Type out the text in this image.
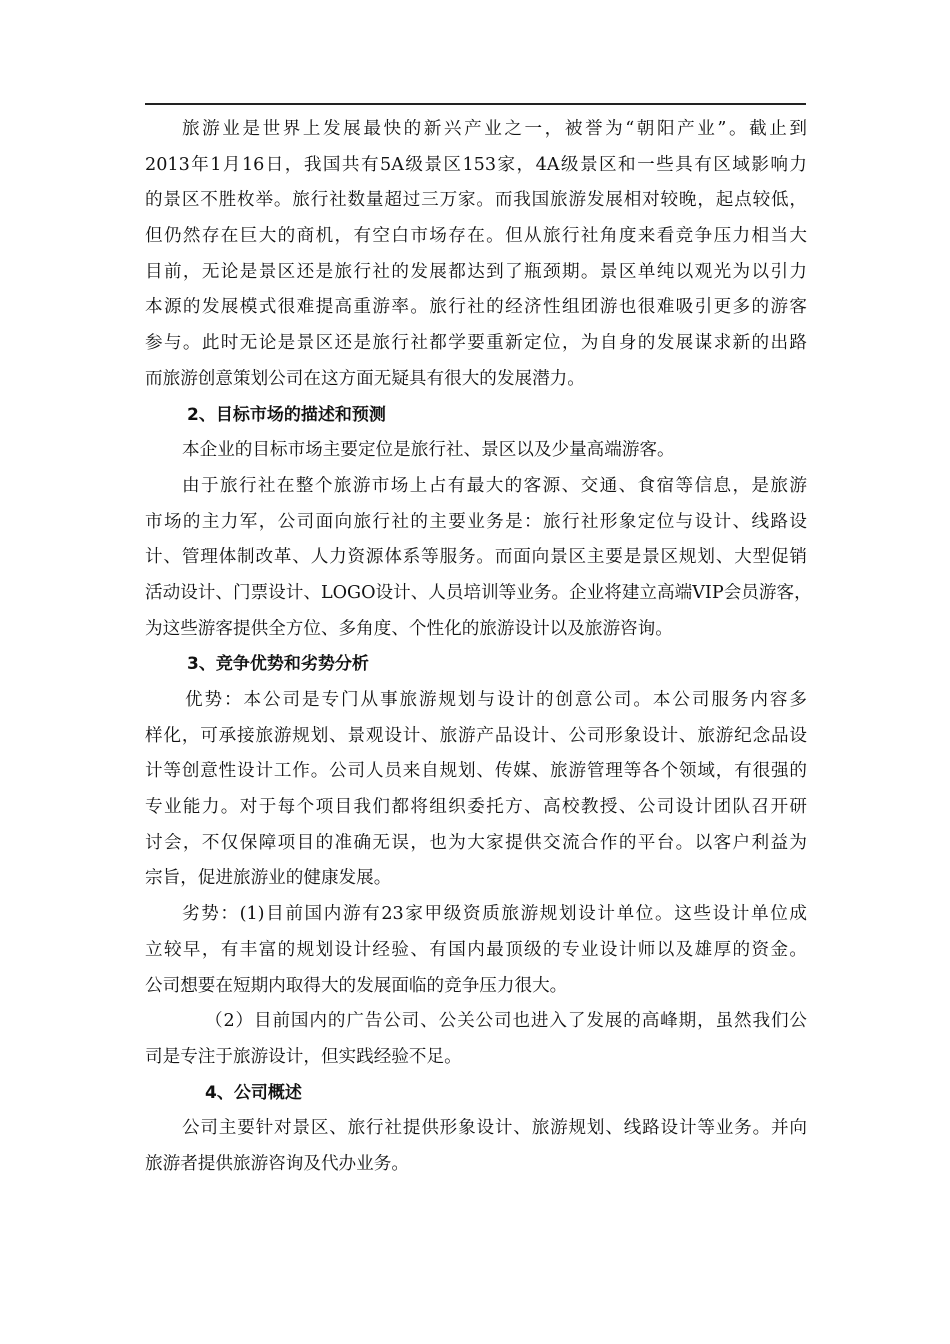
旅游业是世界上发展最快的新兴产业之一，被誉为“朝阳产业”。截止到
2013年1月16日，我国共有5A级景区153家，4A级景区和一些具有区域影响力
的景区不胜枚举。旅行社数量超过三万家。而我国旅游发展相对较晚，起点较低，
但仍然存在巨大的商机，有空白市场存在。但从旅行社角度来看竞争压力相当大
目前，无论是景区还是旅行社的发展都达到了瓶颈期。景区单纯以观光为以引力
本源的发展模式很难提高重游率。旅行社的经济性组团游也很难吸引更多的游客
参与。此时无论是景区还是旅行社都学要重新定位，为自身的发展谋求新的出路
而旅游创意策划公司在这方面无疑具有很大的发展潜力。
2、目标市场的描述和预测
本企业的目标市场主要定位是旅行社、景区以及少量高端游客。
由于旅行社在整个旅游市场上占有最大的客源、交通、食宿等信息，是旅游
市场的主力军，公司面向旅行社的主要业务是：旅行社形象定位与设计、线路设
计、管理体制改革、人力资源体系等服务。而面向景区主要是景区规划、大型促销
活动设计、门票设计、LOGO设计、人员培训等业务。企业将建立高端VIP会员游客，
为这些游客提供全方位、多角度、个性化的旅游设计以及旅游咨询。
3、竞争优势和劣势分析
优势：本公司是专门从事旅游规划与设计的创意公司。本公司服务内容多
样化，可承接旅游规划、景观设计、旅游产品设计、公司形象设计、旅游纪念品设
计等创意性设计工作。公司人员来自规划、传媒、旅游管理等各个领域，有很强的
专业能力。对于每个项目我们都将组织委托方、高校教授、公司设计团队召开研
讨会，不仅保障项目的准确无误，也为大家提供交流合作的平台。以客户利益为
宗旨，促进旅游业的健康发展。
劣势：(1)目前国内游有23家甲级资质旅游规划设计单位。这些设计单位成
立较早，有丰富的规划设计经验、有国内最顶级的专业设计师以及雄厚的资金。
公司想要在短期内取得大的发展面临的竞争压力很大。
（2）目前国内的广告公司、公关公司也进入了发展的高峰期，虽然我们公
司是专注于旅游设计，但实践经验不足。
4、公司概述
公司主要针对景区、旅行社提供形象设计、旅游规划、线路设计等业务。并向
旅游者提供旅游咨询及代办业务。
